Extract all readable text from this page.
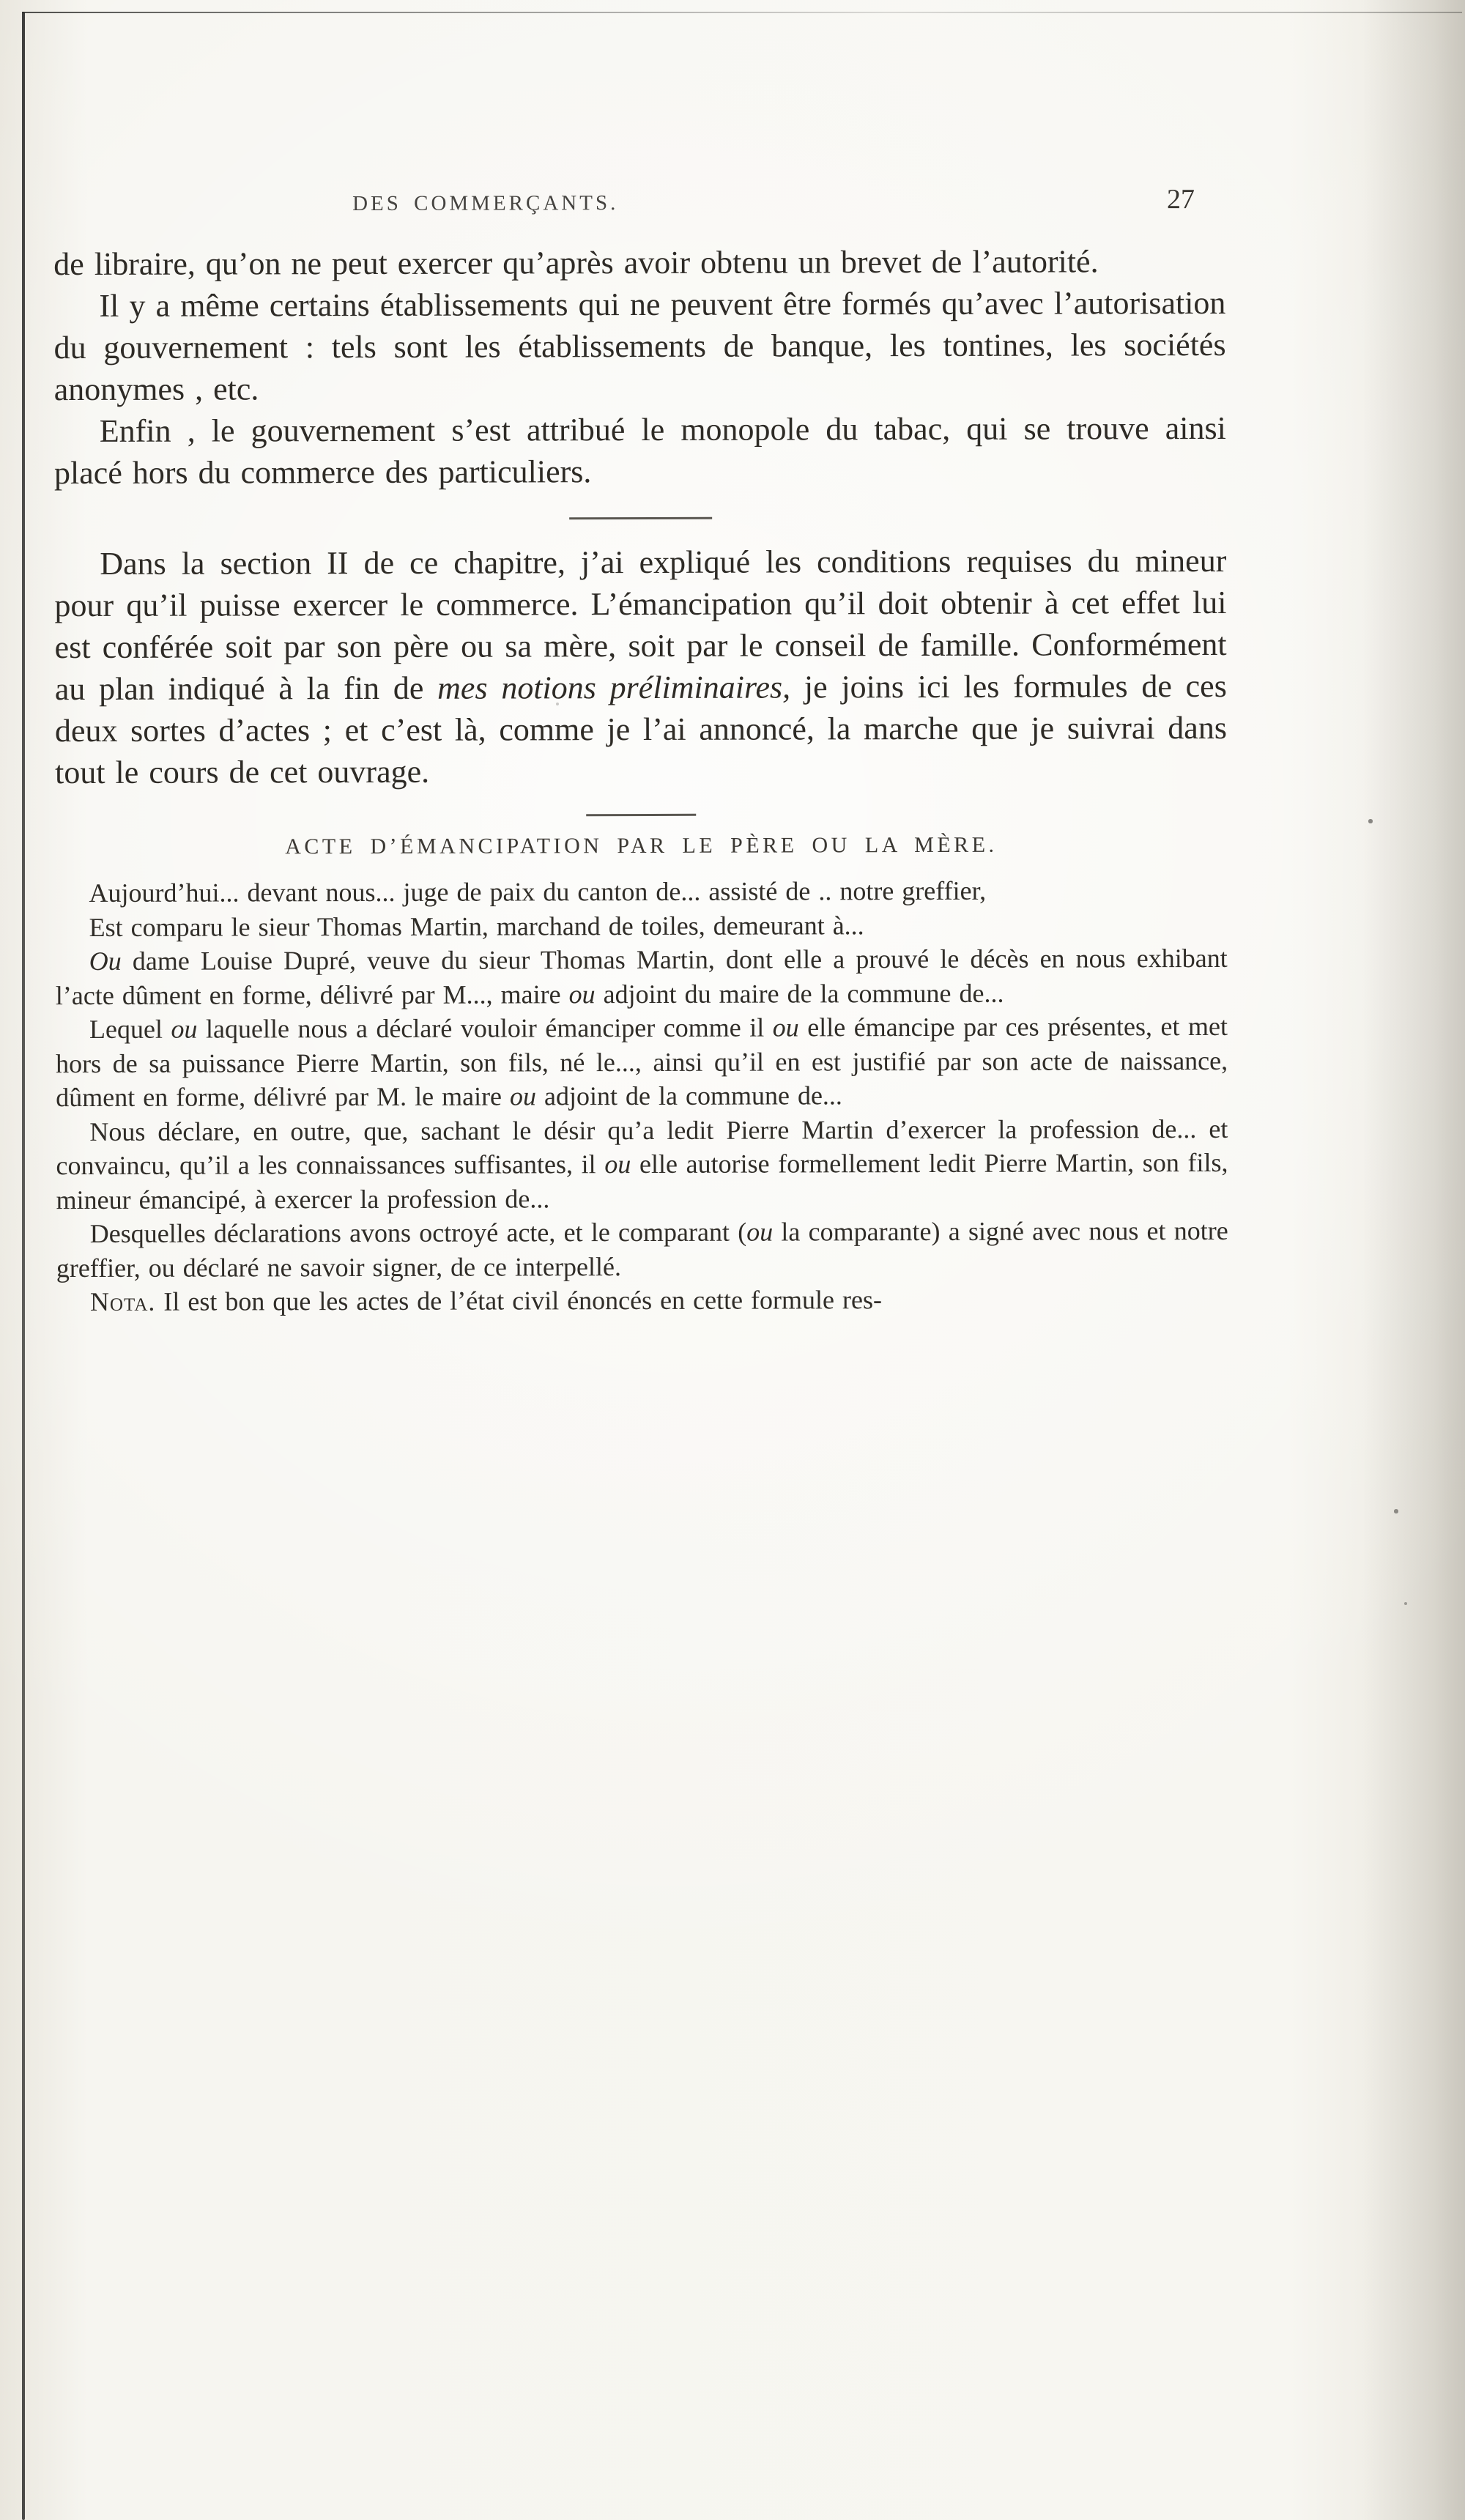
DES COMMERÇANTS.	27

de libraire, qu’on ne peut exercer qu’après avoir obtenu un brevet de l’autorité.

Il y a même certains établissements qui ne peuvent être formés qu’avec l’autorisation du gouvernement : tels sont les établissements de banque, les tontines, les sociétés anonymes , etc.

Enfin , le gouvernement s’est attribué le monopole du tabac, qui se trouve ainsi placé hors du commerce des particuliers.

Dans la section II de ce chapitre, j’ai expliqué les conditions requises du mineur pour qu’il puisse exercer le commerce. L’émancipation qu’il doit obtenir à cet effet lui est conférée soit par son père ou sa mère, soit par le conseil de famille. Conformément au plan indiqué à la fin de mes notions préliminaires, je joins ici les formules de ces deux sortes d’actes ; et c’est là, comme je l’ai annoncé, la marche que je suivrai dans tout le cours de cet ouvrage.

ACTE D’ÉMANCIPATION PAR LE PÈRE OU LA MÈRE.

Aujourd’hui... devant nous... juge de paix du canton de... assisté de .. notre greffier,

Est comparu le sieur Thomas Martin, marchand de toiles, demeurant à...

Ou dame Louise Dupré, veuve du sieur Thomas Martin, dont elle a prouvé le décès en nous exhibant l’acte dûment en forme, délivré par M..., maire ou adjoint du maire de la commune de...

Lequel ou laquelle nous a déclaré vouloir émanciper comme il ou elle émancipe par ces présentes, et met hors de sa puissance Pierre Martin, son fils, né le..., ainsi qu’il en est justifié par son acte de naissance, dûment en forme, délivré par M. le maire ou adjoint de la commune de...

Nous déclare, en outre, que, sachant le désir qu’a ledit Pierre Martin d’exercer la profession de... et convaincu, qu’il a les connaissances suffisantes, il ou elle autorise formellement ledit Pierre Martin, son fils, mineur émancipé, à exercer la profession de...

Desquelles déclarations avons octroyé acte, et le comparant (ou la comparante) a signé avec nous et notre greffier, ou déclaré ne savoir signer, de ce interpellé.

Nota. Il est bon que les actes de l’état civil énoncés en cette formule res-
